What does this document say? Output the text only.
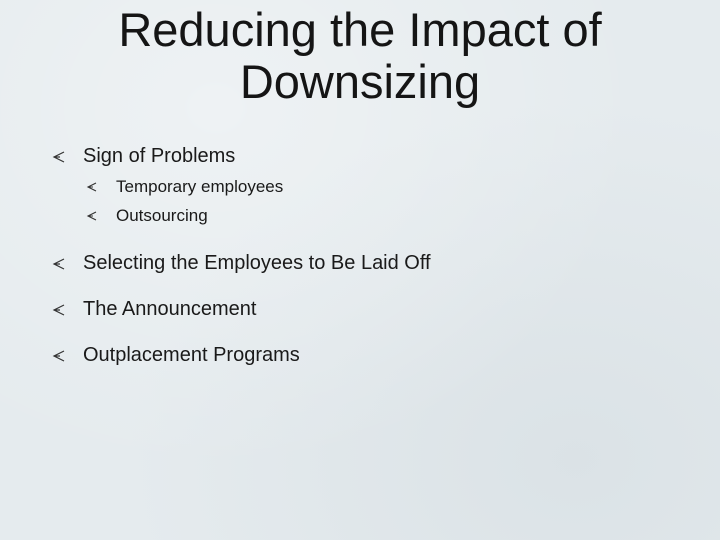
Reducing the Impact of Downsizing
Sign of Problems
Temporary employees
Outsourcing
Selecting the Employees to Be Laid Off
The Announcement
Outplacement Programs
